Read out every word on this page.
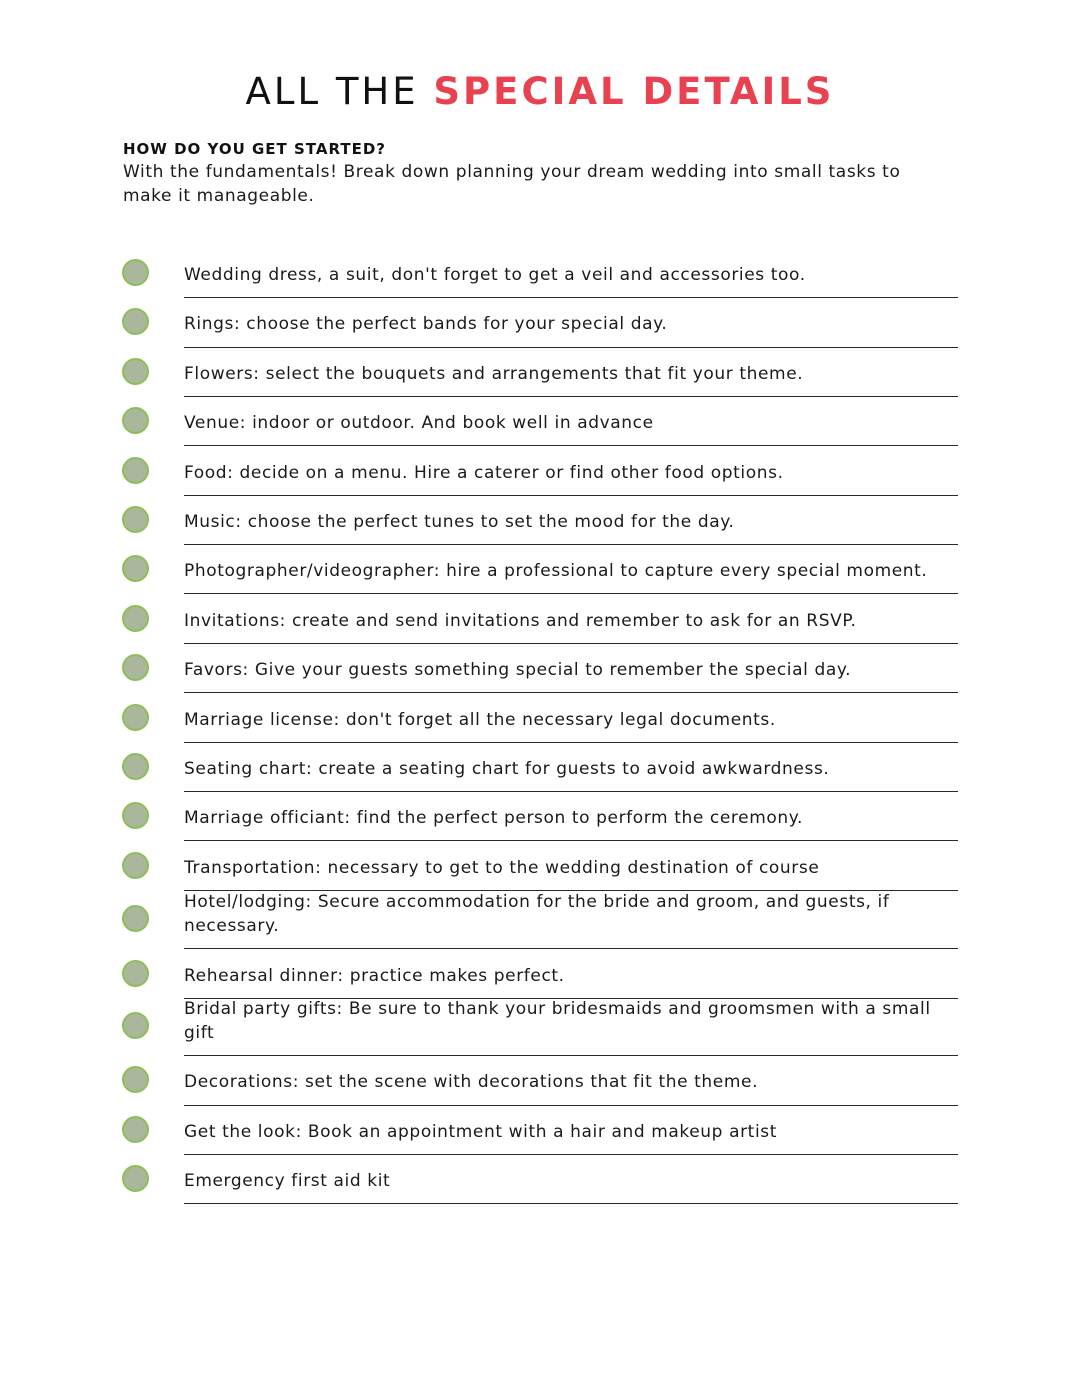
ALL THE SPECIAL DETAILS
HOW DO YOU GET STARTED?
With the fundamentals! Break down planning your dream wedding into small tasks to make it manageable.
Wedding dress, a suit, don't forget to get a veil and accessories too.
Rings: choose the perfect bands for your special day.
Flowers: select the bouquets and arrangements that fit your theme.
Venue: indoor or outdoor. And book well in advance
Food: decide on a menu. Hire a caterer or find other food options.
Music: choose the perfect tunes to set the mood for the day.
Photographer/videographer: hire a professional to capture every special moment.
Invitations: create and send invitations and remember to ask for an RSVP.
Favors: Give your guests something special to remember the special day.
Marriage license: don't forget all the necessary legal documents.
Seating chart: create a seating chart for guests to avoid awkwardness.
Marriage officiant: find the perfect person to perform the ceremony.
Transportation: necessary to get to the wedding destination of course
Hotel/lodging: Secure accommodation for the bride and groom, and guests, if necessary.
Rehearsal dinner: practice makes perfect.
Bridal party gifts: Be sure to thank your bridesmaids and groomsmen with a small gift
Decorations: set the scene with decorations that fit the theme.
Get the look: Book an appointment with a hair and makeup artist
Emergency first aid kit
